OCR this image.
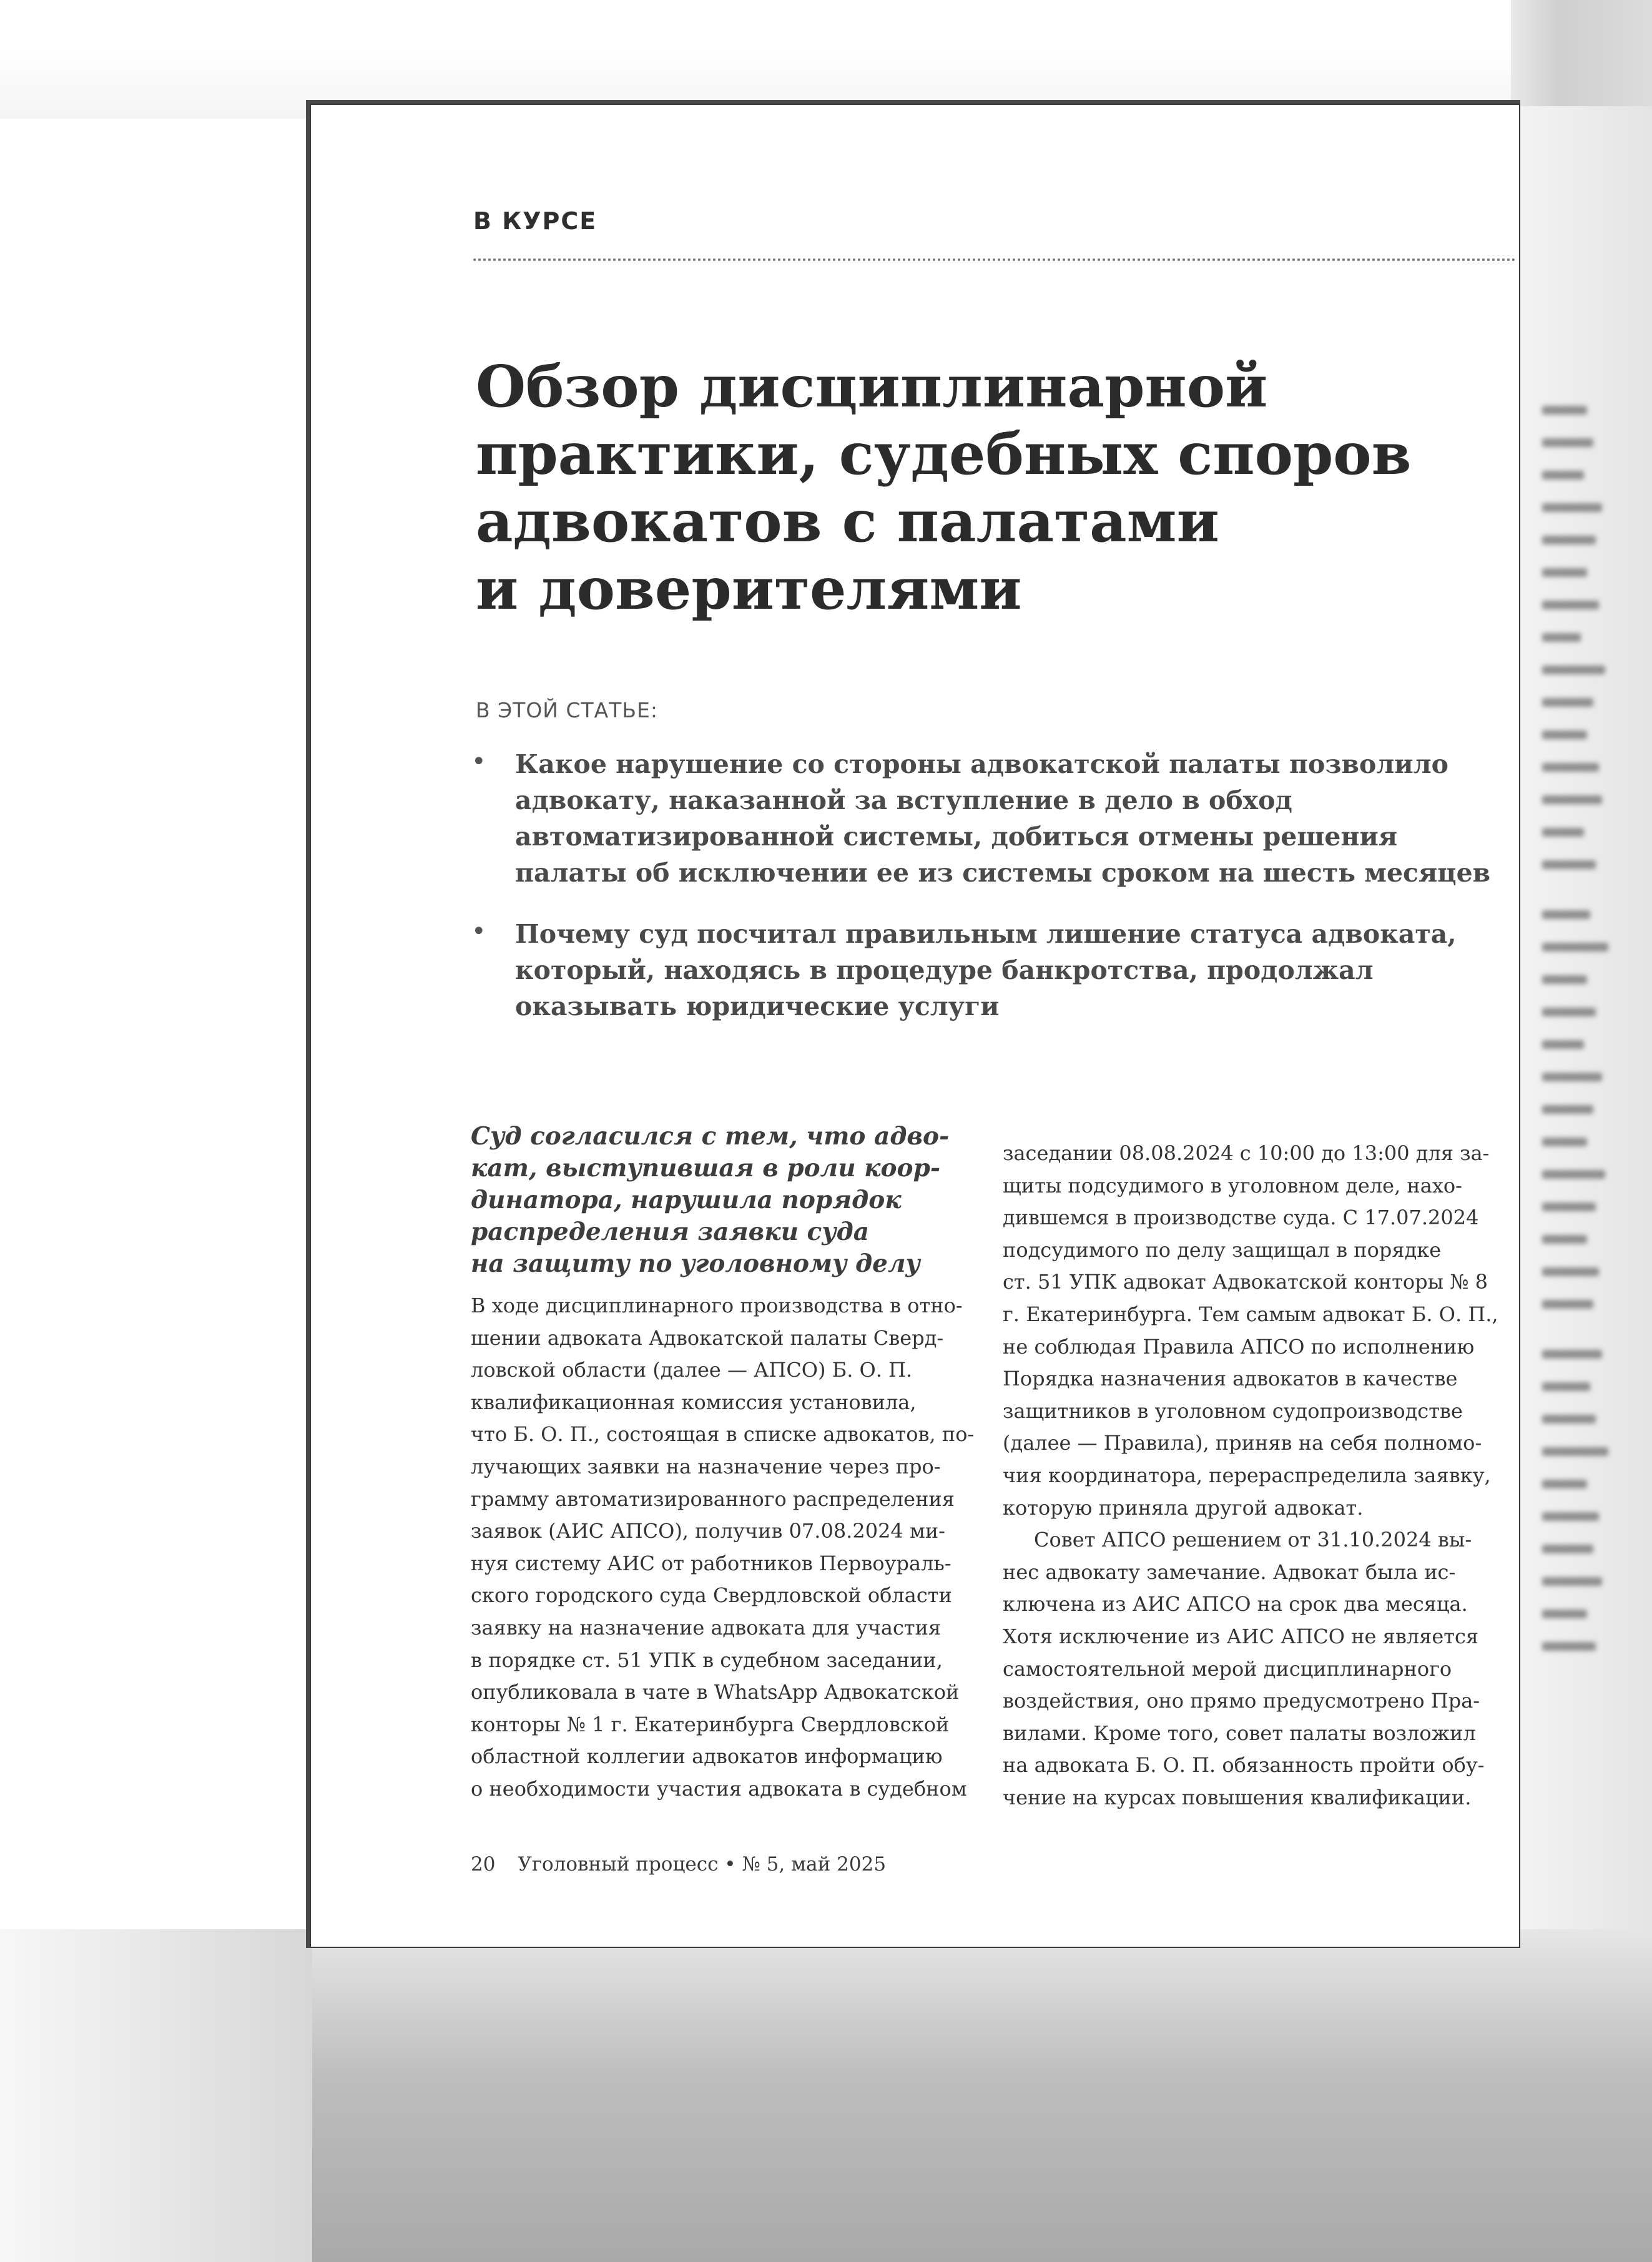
В КУРСЕ
Обзор дисциплинарной
практики, судебных споров
адвокатов с палатами
и доверителями
В ЭТОЙ СТАТЬЕ:
• Какое нарушение со стороны адвокатской палаты позволило
адвокату, наказанной за вступление в дело в обход
автоматизированной системы, добиться отмены решения
палаты об исключении ее из системы сроком на шесть месяцев
• Почему суд посчитал правильным лишение статуса адвоката,
который, находясь в процедуре банкротства, продолжал
оказывать юридические услуги
Суд согласился с тем, что адво-
кат, выступившая в роли коор-
динатора, нарушила порядок
распределения заявки суда
на защиту по уголовному делу
В ходе дисциплинарного производства в отно-
шении адвоката Адвокатской палаты Сверд-
ловской области (далее — АПСО) Б. О. П.
квалификационная комиссия установила,
что Б. О. П., состоящая в списке адвокатов, по-
лучающих заявки на назначение через про-
грамму автоматизированного распределения
заявок (АИС АПСО), получив 07.08.2024 ми-
нуя систему АИС от работников Первоураль-
ского городского суда Свердловской области
заявку на назначение адвоката для участия
в порядке ст. 51 УПК в судебном заседании,
опубликовала в чате в WhatsApp Адвокатской
конторы № 1 г. Екатеринбурга Свердловской
областной коллегии адвокатов информацию
о необходимости участия адвоката в судебном
заседании 08.08.2024 с 10:00 до 13:00 для за-
щиты подсудимого в уголовном деле, нахо-
дившемся в производстве суда. С 17.07.2024
подсудимого по делу защищал в порядке
ст. 51 УПК адвокат Адвокатской конторы № 8
г. Екатеринбурга. Тем самым адвокат Б. О. П.,
не соблюдая Правила АПСО по исполнению
Порядка назначения адвокатов в качестве
защитников в уголовном судопроизводстве
(далее — Правила), приняв на себя полномо-
чия координатора, перераспределила заявку,
которую приняла другой адвокат.
Совет АПСО решением от 31.10.2024 вы-
нес адвокату замечание. Адвокат была ис-
ключена из АИС АПСО на срок два месяца.
Хотя исключение из АИС АПСО не является
самостоятельной мерой дисциплинарного
воздействия, оно прямо предусмотрено Пра-
вилами. Кроме того, совет палаты возложил
на адвоката Б. О. П. обязанность пройти обу-
чение на курсах повышения квалификации.
20 Уголовный процесс • № 5, май 2025
